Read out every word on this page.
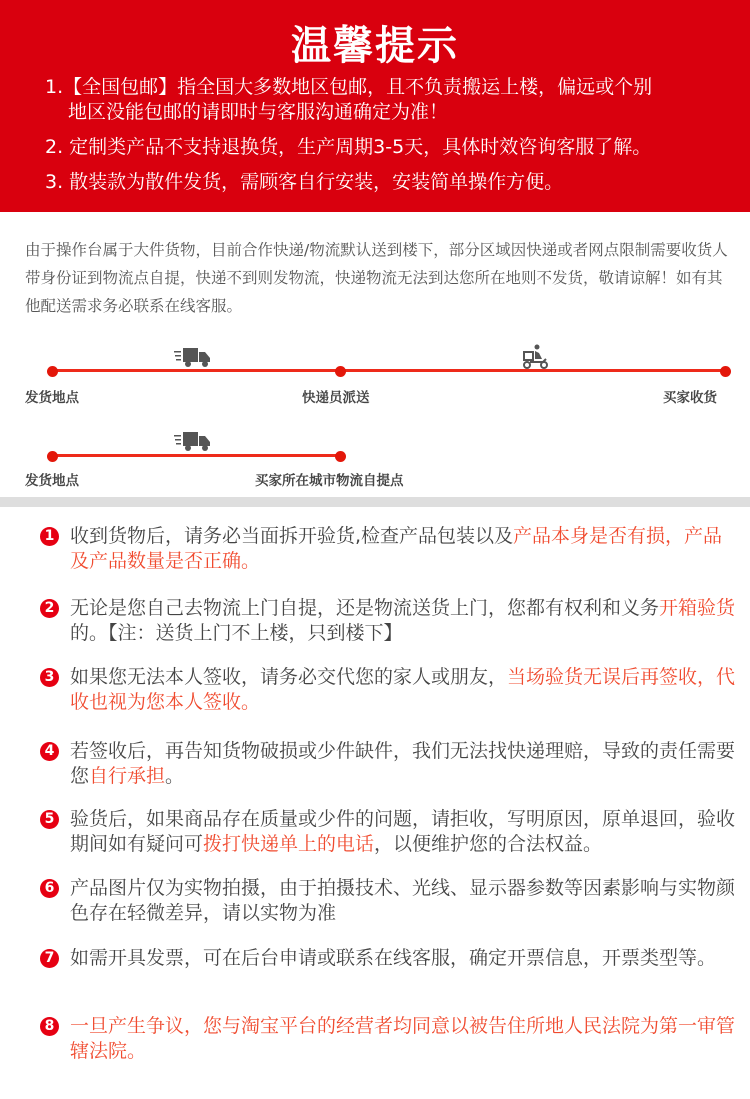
温馨提示
1.【全国包邮】指全国大多数地区包邮，且不负责搬运上楼，偏远或个别
地区没能包邮的请即时与客服沟通确定为准！
2. 定制类产品不支持退换货，生产周期3-5天，具体时效咨询客服了解。
3. 散装款为散件发货，需顾客自行安装，安装简单操作方便。
由于操作台属于大件货物，目前合作快递/物流默认送到楼下，部分区域因快递或者网点限制需要收货人带身份证到物流点自提，快递不到则发物流，快递物流无法到达您所在地则不发货，敬请谅解！如有其他配送需求务必联系在线客服。
发货地点	快递员派送	买家收货
发货地点	买家所在城市物流自提点
1 收到货物后，请务必当面拆开验货,检查产品包装以及产品本身是否有损，产品及产品数量是否正确。
2 无论是您自己去物流上门自提，还是物流送货上门，您都有权利和义务开箱验货的。【注：送货上门不上楼，只到楼下】
3 如果您无法本人签收，请务必交代您的家人或朋友，当场验货无误后再签收，代收也视为您本人签收。
4 若签收后，再告知货物破损或少件缺件，我们无法找快递理赔，导致的责任需要您自行承担。
5 验货后，如果商品存在质量或少件的问题，请拒收，写明原因，原单退回，验收期间如有疑问可拨打快递单上的电话，以便维护您的合法权益。
6 产品图片仅为实物拍摄，由于拍摄技术、光线、显示器参数等因素影响与实物颜色存在轻微差异，请以实物为准
7 如需开具发票，可在后台申请或联系在线客服，确定开票信息，开票类型等。
8 一旦产生争议，您与淘宝平台的经营者均同意以被告住所地人民法院为第一审管辖法院。
